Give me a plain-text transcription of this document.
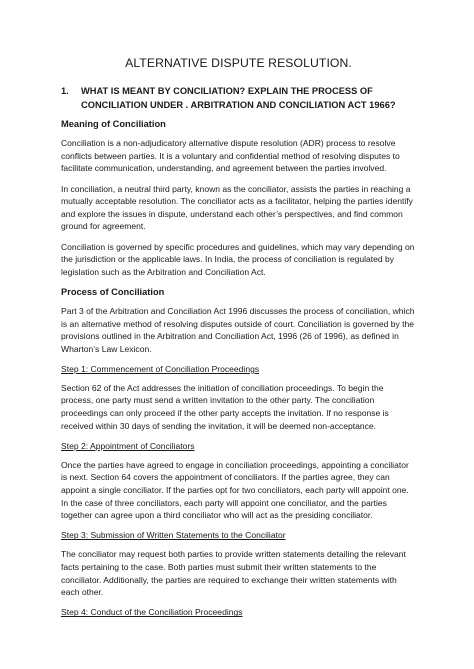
ALTERNATIVE DISPUTE RESOLUTION.
1.	WHAT IS MEANT BY CONCILIATION? EXPLAIN THE PROCESS OF CONCILIATION UNDER . ARBITRATION AND CONCILIATION ACT 1966?
Meaning of Conciliation

Conciliation is a non-adjudicatory alternative dispute resolution (ADR) process to resolve conflicts between parties. It is a voluntary and confidential method of resolving disputes to facilitate communication, understanding, and agreement between the parties involved.

In conciliation, a neutral third party, known as the conciliator, assists the parties in reaching a mutually acceptable resolution. The conciliator acts as a facilitator, helping the parties identify and explore the issues in dispute, understand each other’s perspectives, and find common ground for agreement.

Conciliation is governed by specific procedures and guidelines, which may vary depending on the jurisdiction or the applicable laws. In India, the process of conciliation is regulated by legislation such as the Arbitration and Conciliation Act.

Process of Conciliation

Part 3 of the Arbitration and Conciliation Act 1996 discusses the process of conciliation, which is an alternative method of resolving disputes outside of court. Conciliation is governed by the provisions outlined in the Arbitration and Conciliation Act, 1996 (26 of 1996), as defined in Wharton’s Law Lexicon.

Step 1: Commencement of Conciliation Proceedings

Section 62 of the Act addresses the initiation of conciliation proceedings. To begin the process, one party must send a written invitation to the other party. The conciliation proceedings can only proceed if the other party accepts the invitation. If no response is received within 30 days of sending the invitation, it will be deemed non-acceptance.

Step 2: Appointment of Conciliators

Once the parties have agreed to engage in conciliation proceedings, appointing a conciliator is next. Section 64 covers the appointment of conciliators. If the parties agree, they can appoint a single conciliator. If the parties opt for two conciliators, each party will appoint one. In the case of three conciliators, each party will appoint one conciliator, and the parties together can agree upon a third conciliator who will act as the presiding conciliator.

Step 3: Submission of Written Statements to the Conciliator

The conciliator may request both parties to provide written statements detailing the relevant facts pertaining to the case. Both parties must submit their written statements to the conciliator. Additionally, the parties are required to exchange their written statements with each other.

Step 4: Conduct of the Conciliation Proceedings
